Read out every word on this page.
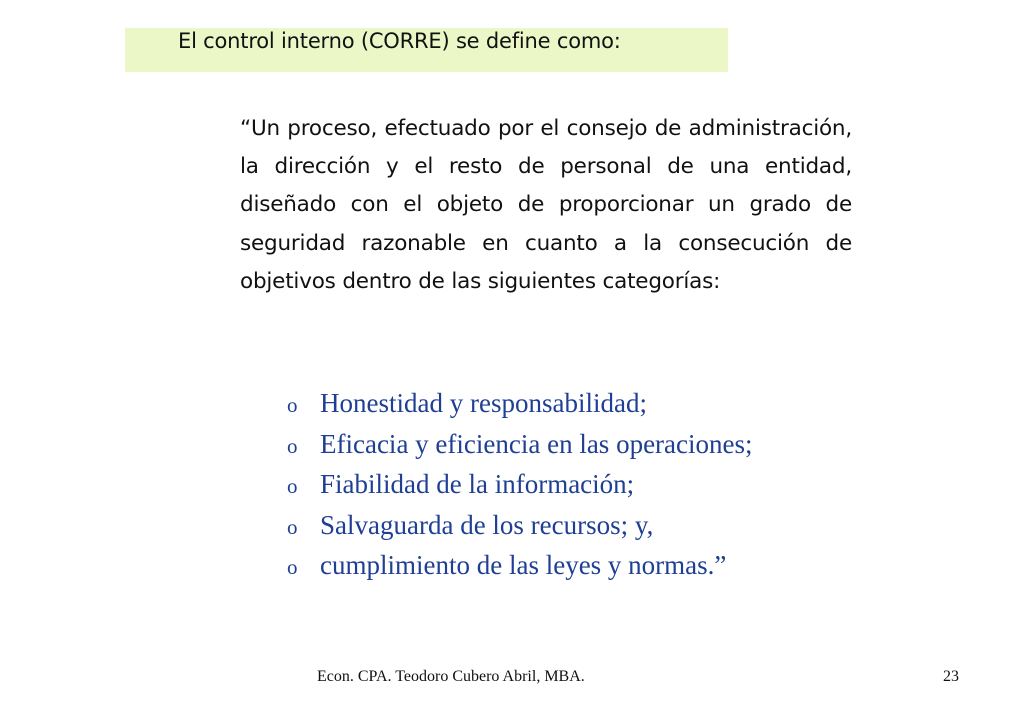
El control interno (CORRE) se define como:

“Un proceso, efectuado por el consejo de administración, la dirección y el resto de personal de una entidad, diseñado con el objeto de proporcionar un grado de seguridad razonable en cuanto a la consecución de objetivos dentro de las siguientes categorías:

o Honestidad y responsabilidad;
o Eficacia y eficiencia en las operaciones;
o Fiabilidad de la información;
o Salvaguarda de los recursos; y,
o cumplimiento de las leyes y normas. ”
Econ. CPA. Teodoro Cubero Abril, MBA.	23
